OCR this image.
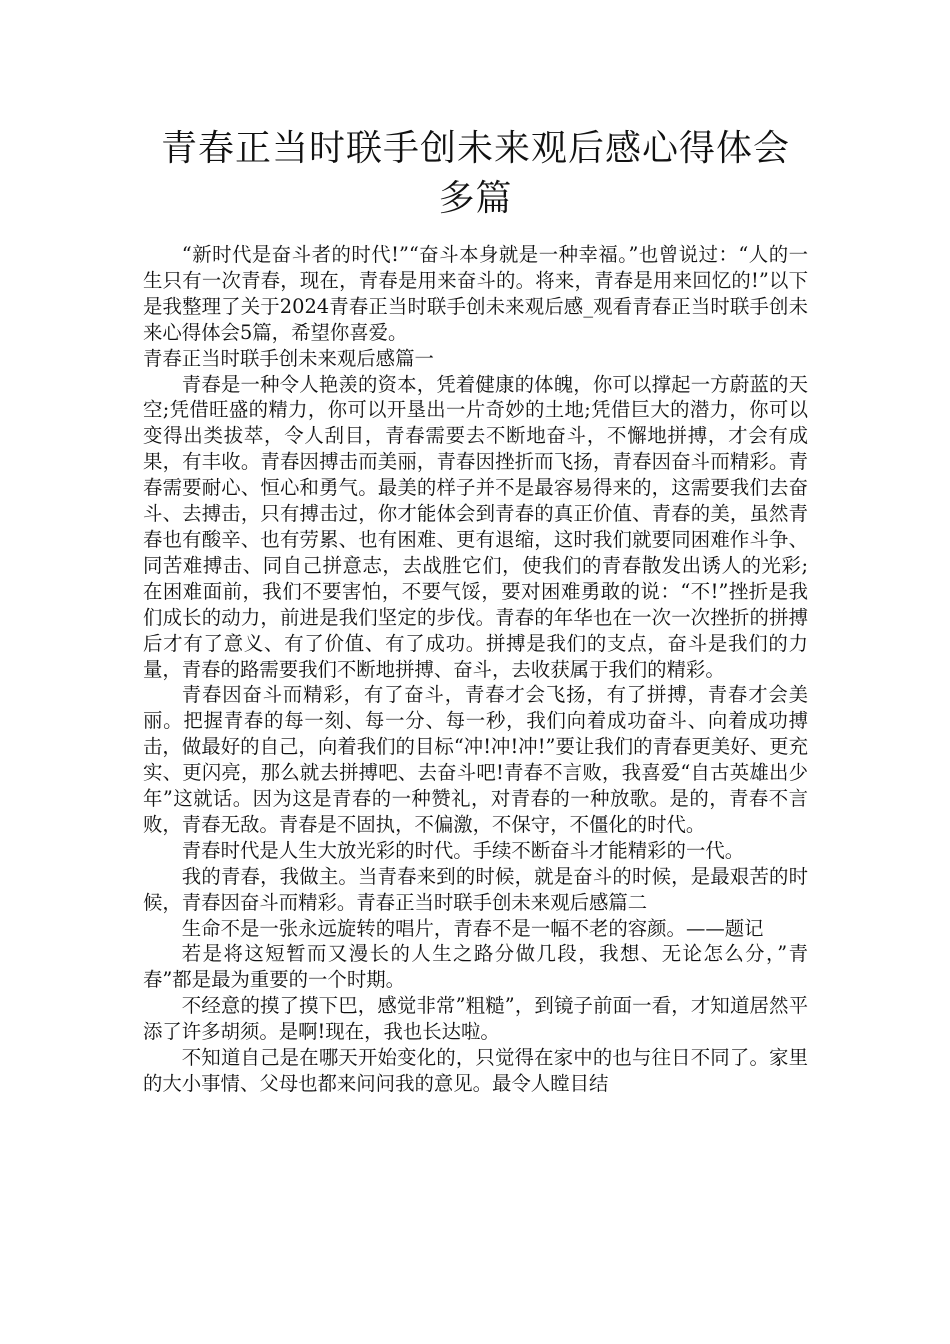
青春正当时联手创未来观后感心得体会
多篇

“新时代是奋斗者的时代!”“奋斗本身就是一种幸福。”也曾说过：“人的一生只有一次青春，现在，青春是用来奋斗的。将来，青春是用来回忆的!”以下是我整理了关于2024青春正当时联手创未来观后感_观看青春正当时联手创未来心得体会5篇，希望你喜爱。

青春正当时联手创未来观后感篇一

青春是一种令人艳羡的资本，凭着健康的体魄，你可以撑起一方蔚蓝的天空;凭借旺盛的精力，你可以开垦出一片奇妙的土地;凭借巨大的潜力，你可以变得出类拔萃，令人刮目，青春需要去不断地奋斗，不懈地拼搏，才会有成果，有丰收。青春因搏击而美丽，青春因挫折而飞扬，青春因奋斗而精彩。青春需要耐心、恒心和勇气。最美的样子并不是最容易得来的，这需要我们去奋斗、去搏击，只有搏击过，你才能体会到青春的真正价值、青春的美，虽然青春也有酸辛、也有劳累、也有困难、更有退缩，这时我们就要同困难作斗争、同苦难搏击、同自己拼意志，去战胜它们，使我们的青春散发出诱人的光彩;在困难面前，我们不要害怕，不要气馁，要对困难勇敢的说：“不!”挫折是我们成长的动力，前进是我们坚定的步伐。青春的年华也在一次一次挫折的拼搏后才有了意义、有了价值、有了成功。拼搏是我们的支点，奋斗是我们的力量，青春的路需要我们不断地拼搏、奋斗，去收获属于我们的精彩。

青春因奋斗而精彩，有了奋斗，青春才会飞扬，有了拼搏，青春才会美丽。把握青春的每一刻、每一分、每一秒，我们向着成功奋斗、向着成功搏击，做最好的自己，向着我们的目标“冲!冲!冲!”要让我们的青春更美好、更充实、更闪亮，那么就去拼搏吧、去奋斗吧!青春不言败，我喜爱“自古英雄出少年”这就话。因为这是青春的一种赞礼，对青春的一种放歌。是的，青春不言败，青春无敌。青春是不固执，不偏激，不保守，不僵化的时代。

青春时代是人生大放光彩的时代。手续不断奋斗才能精彩的一代。

我的青春，我做主。当青春来到的时候，就是奋斗的时候，是最艰苦的时候，青春因奋斗而精彩。青春正当时联手创未来观后感篇二

生命不是一张永远旋转的唱片，青春不是一幅不老的容颜。——题记

若是将这短暂而又漫长的人生之路分做几段，我想、无论怎么分，”青春”都是最为重要的一个时期。

不经意的摸了摸下巴，感觉非常”粗糙”，到镜子前面一看，才知道居然平添了许多胡须。是啊!现在，我也长达啦。

不知道自己是在哪天开始变化的，只觉得在家中的也与往日不同了。家里的大小事情、父母也都来问问我的意见。最令人瞠目结
